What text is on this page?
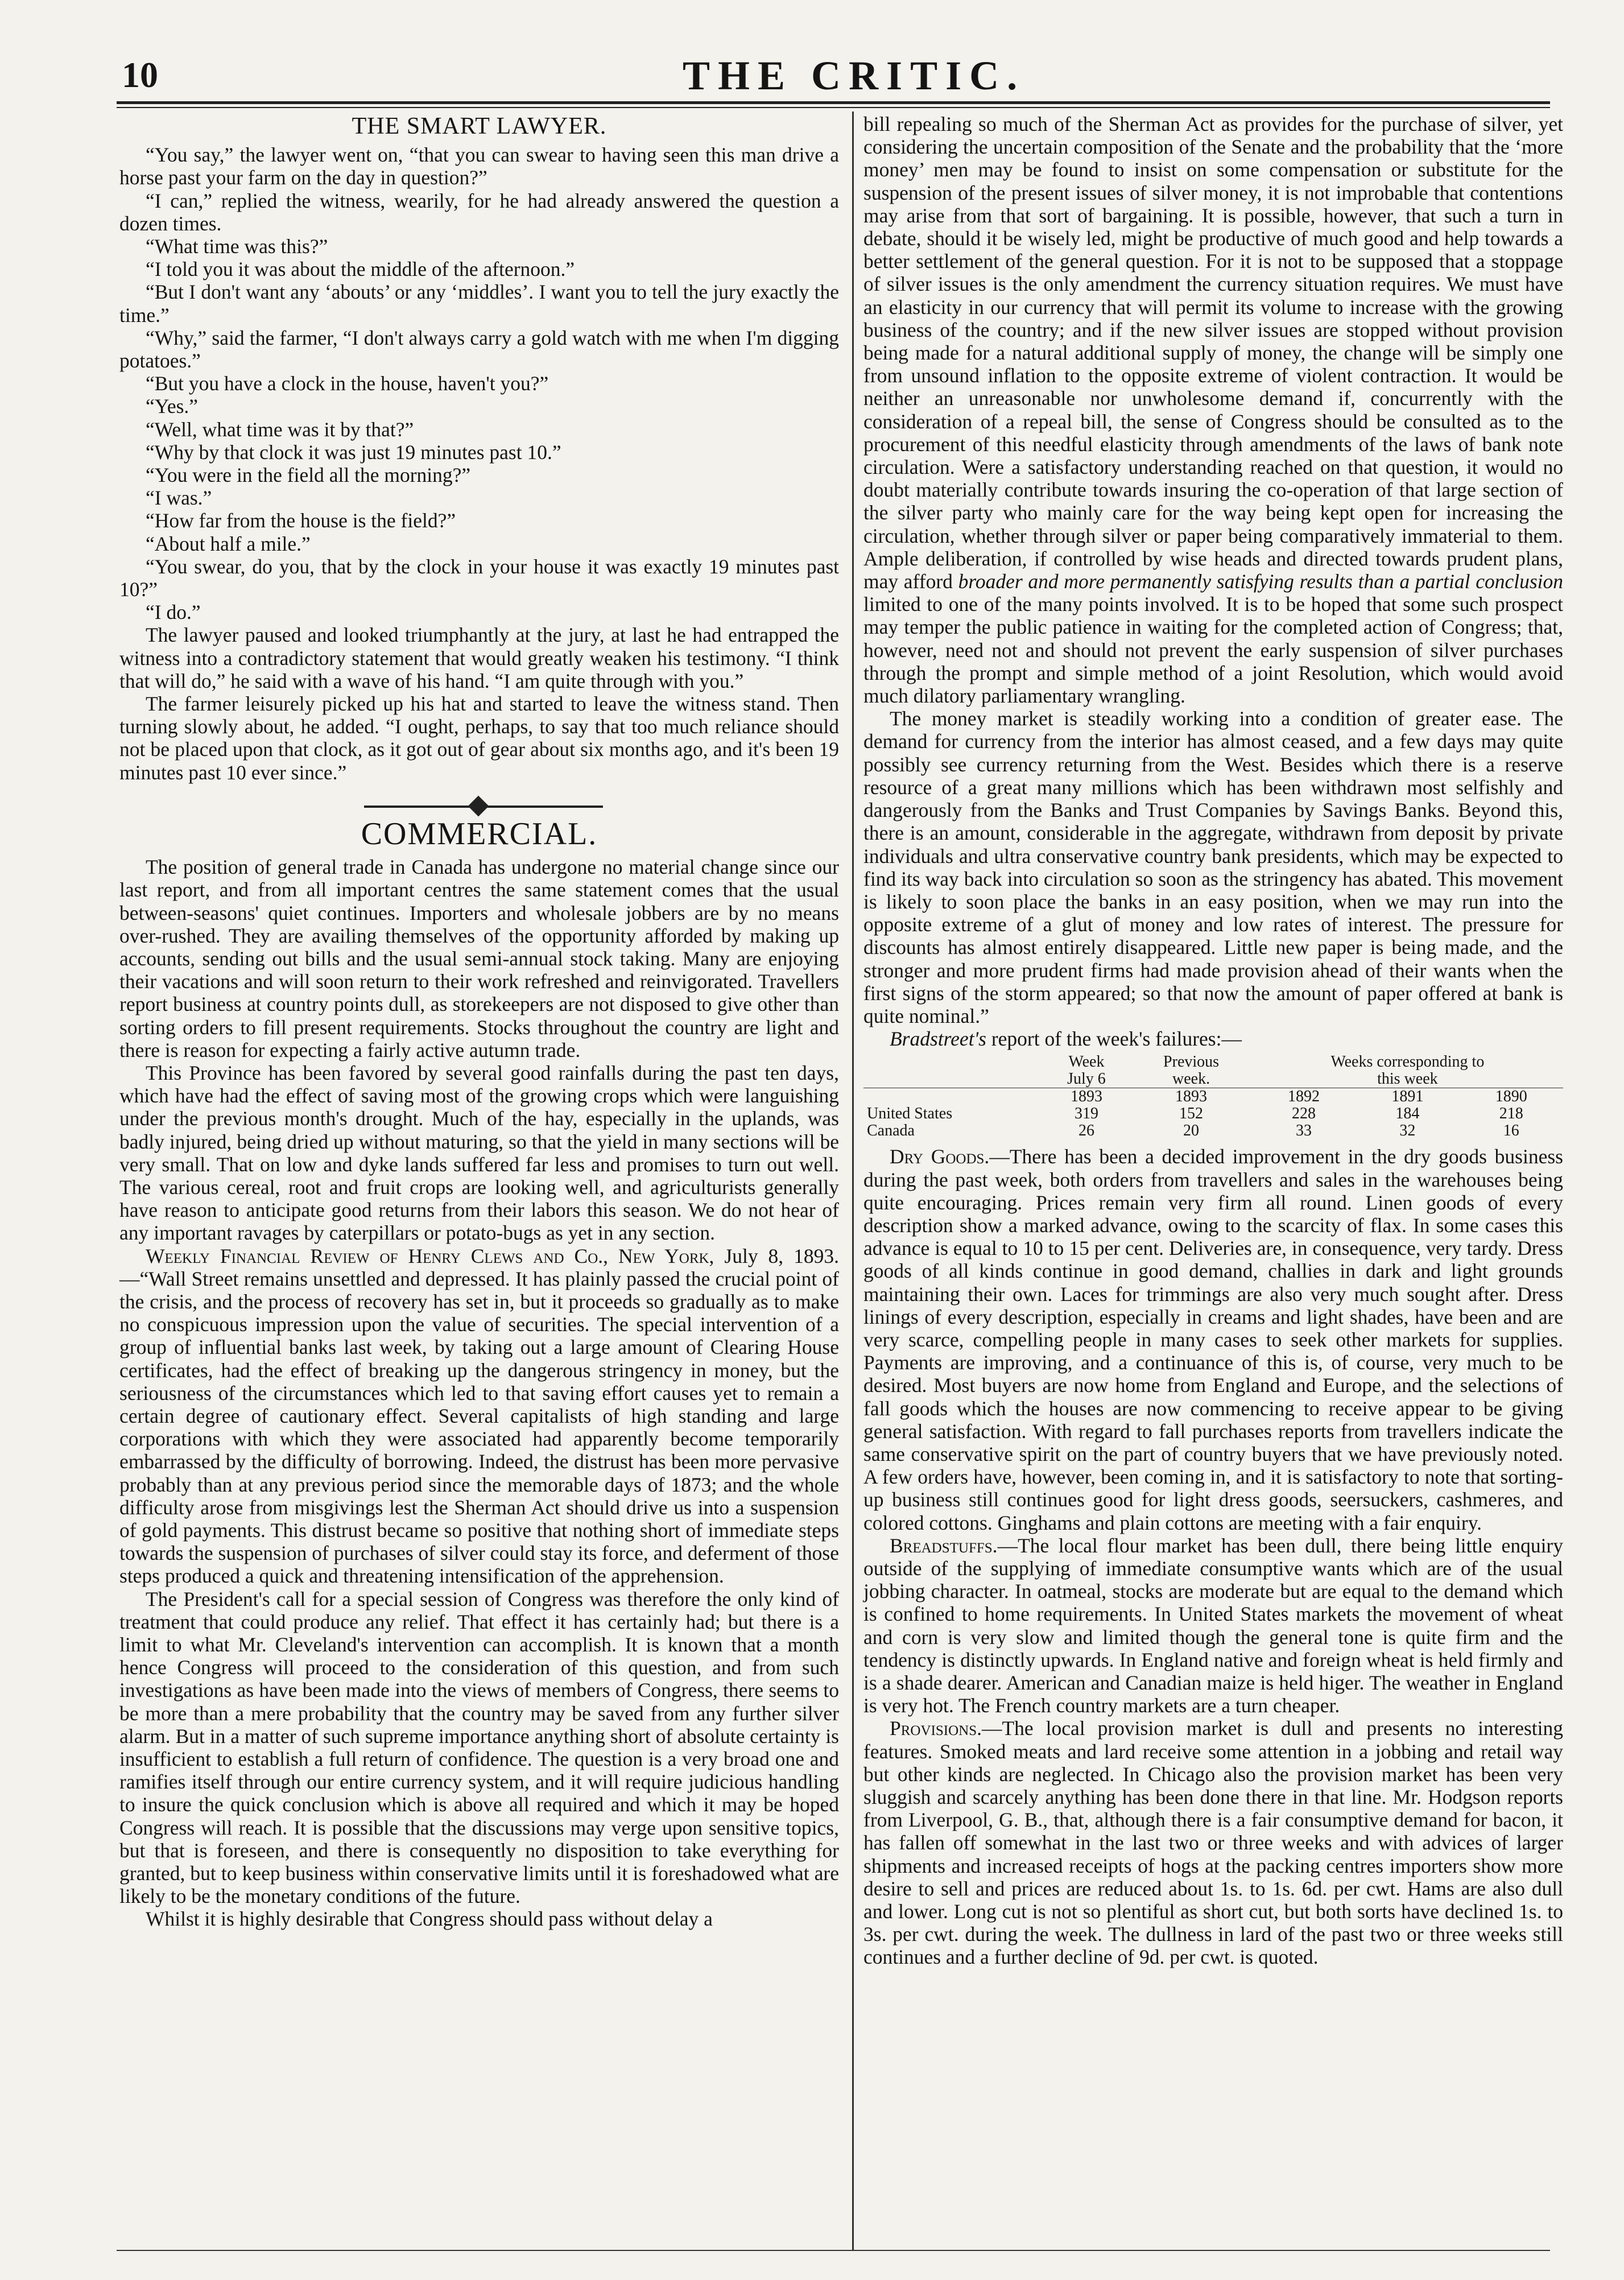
10	THE CRITIC.
THE SMART LAWYER.

“You say,” the lawyer went on, “that you can swear to having seen this man drive a horse past your farm on the day in question?”

“I can,” replied the witness, wearily, for he had already answered the question a dozen times.

“What time was this?”

“I told you it was about the middle of the afternoon.”

“But I don't want any ‘abouts’ or any ‘middles’. I want you to tell the jury exactly the time.”

“Why,” said the farmer, “I don't always carry a gold watch with me when I'm digging potatoes.”

“But you have a clock in the house, haven't you?”

“Yes.”

“Well, what time was it by that?”

“Why by that clock it was just 19 minutes past 10.”

“You were in the field all the morning?”

“I was.”

“How far from the house is the field?”

“About half a mile.”

“You swear, do you, that by the clock in your house it was exactly 19 minutes past 10?”

“I do.”

The lawyer paused and looked triumphantly at the jury, at last he had entrapped the witness into a contradictory statement that would greatly weaken his testimony. “I think that will do,” he said with a wave of his hand. “I am quite through with you.”

The farmer leisurely picked up his hat and started to leave the witness stand. Then turning slowly about, he added. “I ought, perhaps, to say that too much reliance should not be placed upon that clock, as it got out of gear about six months ago, and it's been 19 minutes past 10 ever since.”

COMMERCIAL.

The position of general trade in Canada has undergone no material change since our last report, and from all important centres the same statement comes that the usual between-seasons' quiet continues. Importers and wholesale jobbers are by no means over-rushed. They are availing themselves of the opportunity afforded by making up accounts, sending out bills and the usual semi-annual stock taking. Many are enjoying their vacations and will soon return to their work refreshed and reinvigorated. Travellers report business at country points dull, as storekeepers are not disposed to give other than sorting orders to fill present requirements. Stocks throughout the country are light and there is reason for expecting a fairly active autumn trade.

This Province has been favored by several good rainfalls during the past ten days, which have had the effect of saving most of the growing crops which were languishing under the previous month's drought. Much of the hay, especially in the uplands, was badly injured, being dried up without maturing, so that the yield in many sections will be very small. That on low and dyke lands suffered far less and promises to turn out well. The various cereal, root and fruit crops are looking well, and agriculturists generally have reason to anticipate good returns from their labors this season. We do not hear of any important ravages by caterpillars or potato-bugs as yet in any section.

Weekly Financial Review of Henry Clews and Co., New York, July 8, 1893.—“Wall Street remains unsettled and depressed. It has plainly passed the crucial point of the crisis, and the process of recovery has set in, but it proceeds so gradually as to make no conspicuous impression upon the value of securities. The special intervention of a group of influential banks last week, by taking out a large amount of Clearing House certificates, had the effect of breaking up the dangerous stringency in money, but the seriousness of the circumstances which led to that saving effort causes yet to remain a certain degree of cautionary effect. Several capitalists of high standing and large corporations with which they were associated had apparently become temporarily embarrassed by the difficulty of borrowing. Indeed, the distrust has been more pervasive probably than at any previous period since the memorable days of 1873; and the whole difficulty arose from misgivings lest the Sherman Act should drive us into a suspension of gold payments. This distrust became so positive that nothing short of immediate steps towards the suspension of purchases of silver could stay its force, and deferment of those steps produced a quick and threatening intensification of the apprehension.

The President's call for a special session of Congress was therefore the only kind of treatment that could produce any relief. That effect it has certainly had; but there is a limit to what Mr. Cleveland's intervention can accomplish. It is known that a month hence Congress will proceed to the consideration of this question, and from such investigations as have been made into the views of members of Congress, there seems to be more than a mere probability that the country may be saved from any further silver alarm. But in a matter of such supreme importance anything short of absolute certainty is insufficient to establish a full return of confidence. The question is a very broad one and ramifies itself through our entire currency system, and it will require judicious handling to insure the quick conclusion which is above all required and which it may be hoped Congress will reach. It is possible that the discussions may verge upon sensitive topics, but that is foreseen, and there is consequently no disposition to take everything for granted, but to keep business within conservative limits until it is foreshadowed what are likely to be the monetary conditions of the future.

Whilst it is highly desirable that Congress should pass without delay a

bill repealing so much of the Sherman Act as provides for the purchase of silver, yet considering the uncertain composition of the Senate and the probability that the ‘more money’ men may be found to insist on some compensation or substitute for the suspension of the present issues of silver money, it is not improbable that contentions may arise from that sort of bargaining. It is possible, however, that such a turn in debate, should it be wisely led, might be productive of much good and help towards a better settlement of the general question. For it is not to be supposed that a stoppage of silver issues is the only amendment the currency situation requires. We must have an elasticity in our currency that will permit its volume to increase with the growing business of the country; and if the new silver issues are stopped without provision being made for a natural additional supply of money, the change will be simply one from unsound inflation to the opposite extreme of violent contraction. It would be neither an unreasonable nor unwholesome demand if, concurrently with the consideration of a repeal bill, the sense of Congress should be consulted as to the procurement of this needful elasticity through amendments of the laws of bank note circulation. Were a satisfactory understanding reached on that question, it would no doubt materially contribute towards insuring the co-operation of that large section of the silver party who mainly care for the way being kept open for increasing the circulation, whether through silver or paper being comparatively immaterial to them. Ample deliberation, if controlled by wise heads and directed towards prudent plans, may afford broader and more permanently satisfying results than a partial conclusion limited to one of the many points involved. It is to be hoped that some such prospect may temper the public patience in waiting for the completed action of Congress; that, however, need not and should not prevent the early suspension of silver purchases through the prompt and simple method of a joint Resolution, which would avoid much dilatory parliamentary wrangling.

The money market is steadily working into a condition of greater ease. The demand for currency from the interior has almost ceased, and a few days may quite possibly see currency returning from the West. Besides which there is a reserve resource of a great many millions which has been withdrawn most selfishly and dangerously from the Banks and Trust Companies by Savings Banks. Beyond this, there is an amount, considerable in the aggregate, withdrawn from deposit by private individuals and ultra conservative country bank presidents, which may be expected to find its way back into circulation so soon as the stringency has abated. This movement is likely to soon place the banks in an easy position, when we may run into the opposite extreme of a glut of money and low rates of interest. The pressure for discounts has almost entirely disappeared. Little new paper is being made, and the stronger and more prudent firms had made provision ahead of their wants when the first signs of the storm appeared; so that now the amount of paper offered at bank is quite nominal.”

Bradstreet's report of the week's failures:—

	Week	Previous	Weeks corresponding to		
	July 6	week.	this week		
	1893	1893	1892	1891	1890
United States	319	152	228	184	218
Canada	26	20	33	32	16

Dry Goods.—There has been a decided improvement in the dry goods business during the past week, both orders from travellers and sales in the warehouses being quite encouraging. Prices remain very firm all round. Linen goods of every description show a marked advance, owing to the scarcity of flax. In some cases this advance is equal to 10 to 15 per cent. Deliveries are, in consequence, very tardy. Dress goods of all kinds continue in good demand, challies in dark and light grounds maintaining their own. Laces for trimmings are also very much sought after. Dress linings of every description, especially in creams and light shades, have been and are very scarce, compelling people in many cases to seek other markets for supplies. Payments are improving, and a continuance of this is, of course, very much to be desired. Most buyers are now home from England and Europe, and the selections of fall goods which the houses are now commencing to receive appear to be giving general satisfaction. With regard to fall purchases reports from travellers indicate the same conservative spirit on the part of country buyers that we have previously noted. A few orders have, however, been coming in, and it is satisfactory to note that sorting-up business still continues good for light dress goods, seersuckers, cashmeres, and colored cottons. Ginghams and plain cottons are meeting with a fair enquiry.

Breadstuffs.—The local flour market has been dull, there being little enquiry outside of the supplying of immediate consumptive wants which are of the usual jobbing character. In oatmeal, stocks are moderate but are equal to the demand which is confined to home requirements. In United States markets the movement of wheat and corn is very slow and limited though the general tone is quite firm and the tendency is distinctly upwards. In England native and foreign wheat is held firmly and is a shade dearer. American and Canadian maize is held higer. The weather in England is very hot. The French country markets are a turn cheaper.

Provisions.—The local provision market is dull and presents no interesting features. Smoked meats and lard receive some attention in a jobbing and retail way but other kinds are neglected. In Chicago also the provision market has been very sluggish and scarcely anything has been done there in that line. Mr. Hodgson reports from Liverpool, G. B., that, although there is a fair consumptive demand for bacon, it has fallen off somewhat in the last two or three weeks and with advices of larger shipments and increased receipts of hogs at the packing centres importers show more desire to sell and prices are reduced about 1s. to 1s. 6d. per cwt. Hams are also dull and lower. Long cut is not so plentiful as short cut, but both sorts have declined 1s. to 3s. per cwt. during the week. The dullness in lard of the past two or three weeks still continues and a further decline of 9d. per cwt. is quoted.
